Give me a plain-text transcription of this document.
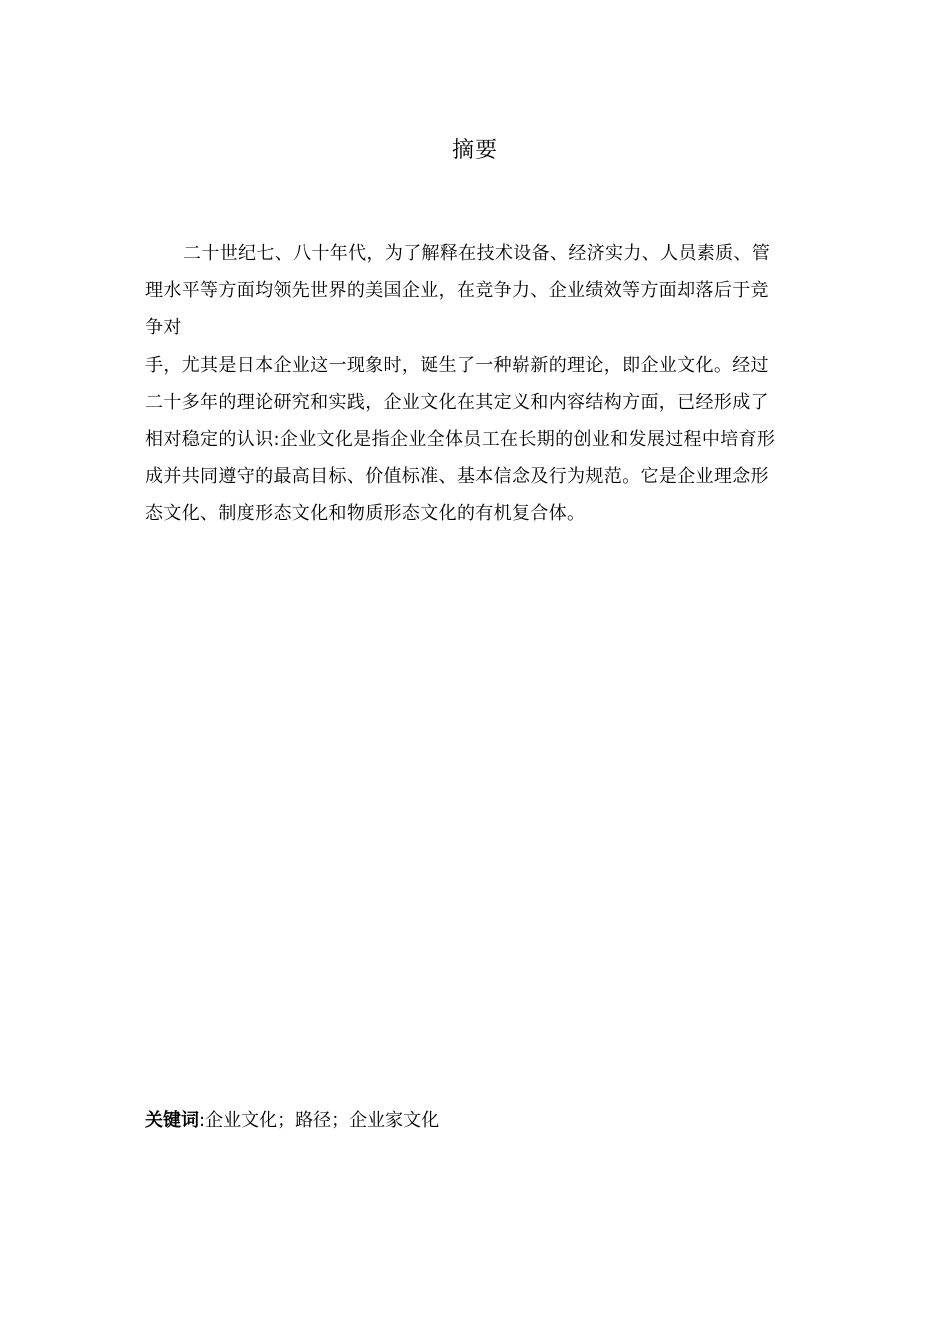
摘要
二十世纪七、八十年代，为了解释在技术设备、经济实力、人员素质、管
理水平等方面均领先世界的美国企业，在竞争力、企业绩效等方面却落后于竞
争对
手，尤其是日本企业这一现象时，诞生了一种崭新的理论，即企业文化。经过
二十多年的理论研究和实践，企业文化在其定义和内容结构方面，已经形成了
相对稳定的认识:企业文化是指企业全体员工在长期的创业和发展过程中培育形
成并共同遵守的最高目标、价值标准、基本信念及行为规范。它是企业理念形
态文化、制度形态文化和物质形态文化的有机复合体。
关键词:企业文化；路径；企业家文化
